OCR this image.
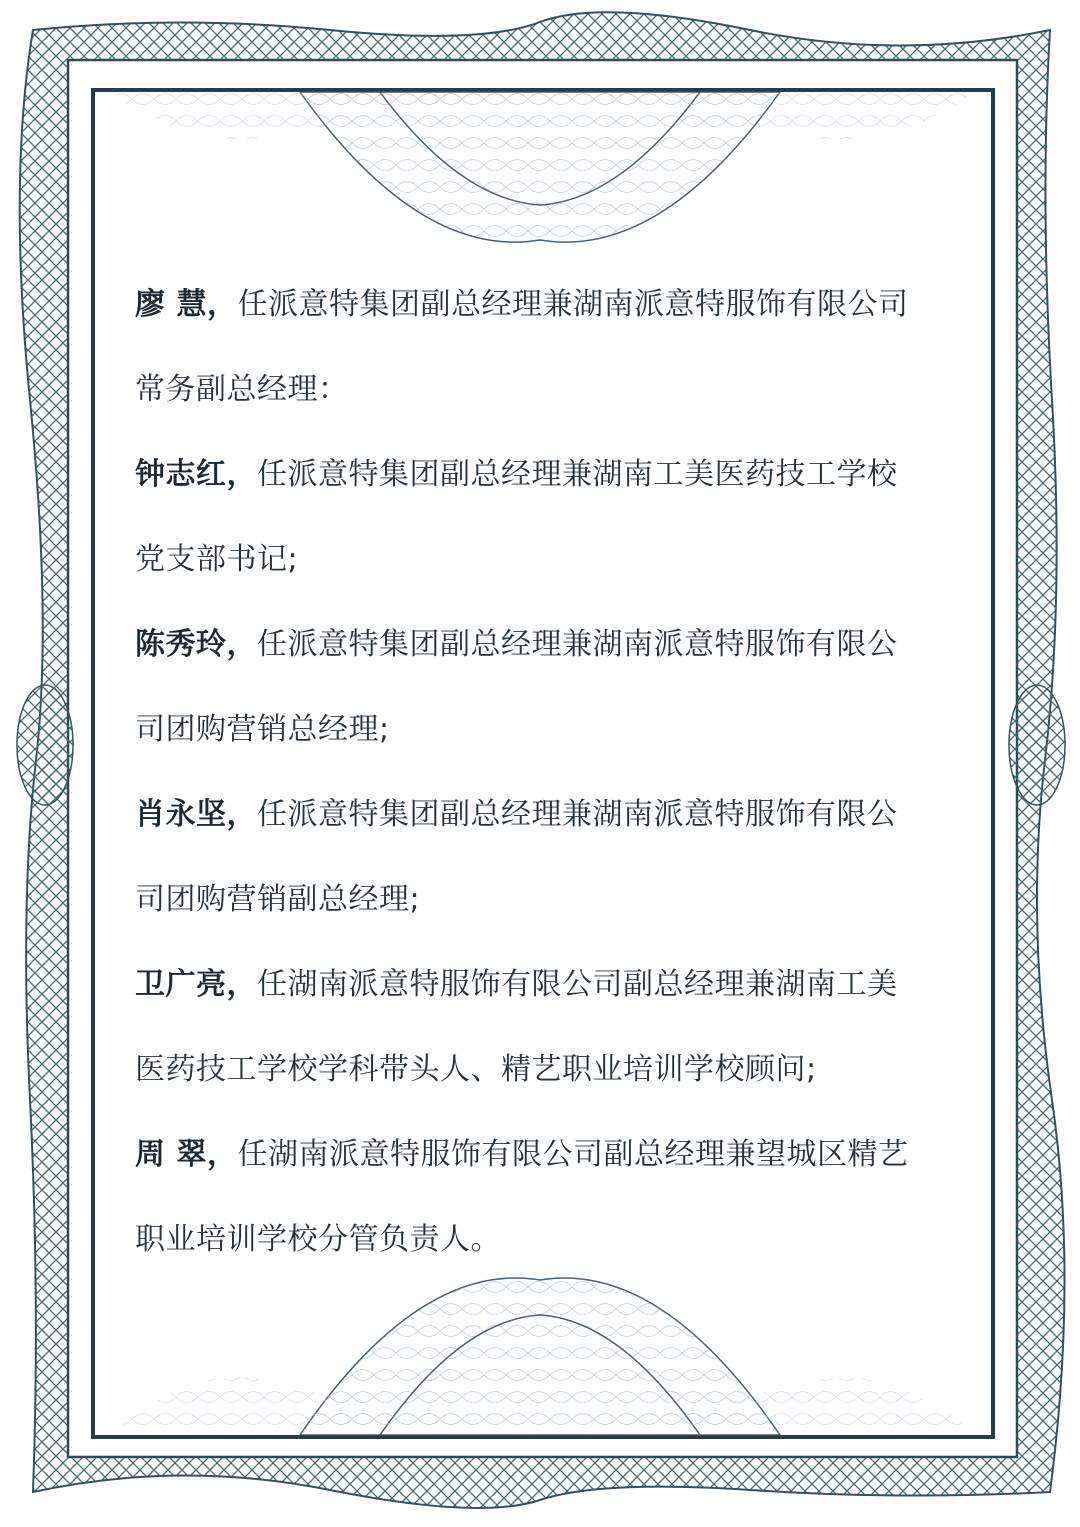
廖 慧，任派意特集团副总经理兼湖南派意特服饰有限公司
常务副总经理：
钟志红，任派意特集团副总经理兼湖南工美医药技工学校
党支部书记;
陈秀玲，任派意特集团副总经理兼湖南派意特服饰有限公
司团购营销总经理;
肖永坚，任派意特集团副总经理兼湖南派意特服饰有限公
司团购营销副总经理;
卫广亮，任湖南派意特服饰有限公司副总经理兼湖南工美
医药技工学校学科带头人、精艺职业培训学校顾问;
周 翠，任湖南派意特服饰有限公司副总经理兼望城区精艺
职业培训学校分管负责人。
